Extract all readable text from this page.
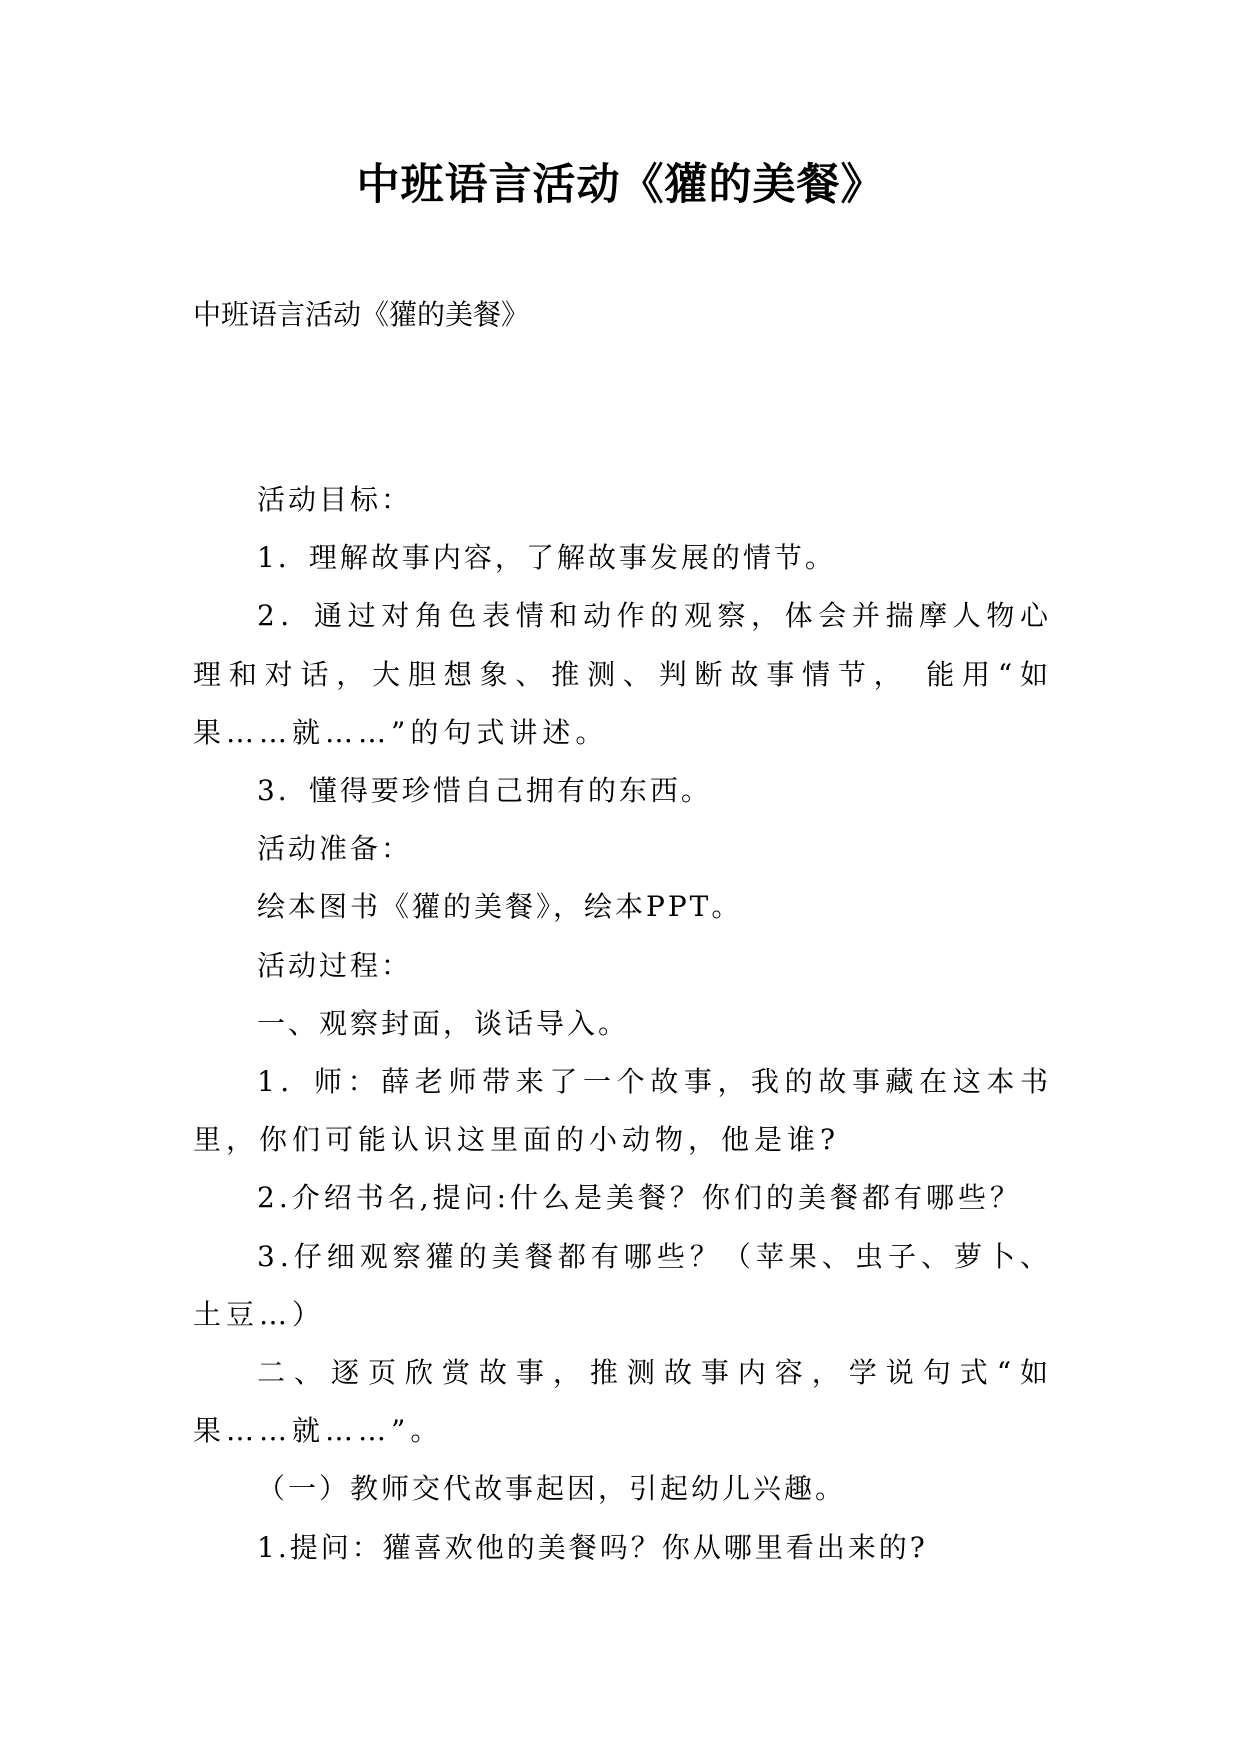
中班语言活动《獾的美餐》
中班语言活动《獾的美餐》

活动目标：

1．理解故事内容，了解故事发展的情节。

2．通过对角色表情和动作的观察，体会并揣摩人物心理和对话，大胆想象、推测、判断故事情节， 能用“如果……就……”的句式讲述。

3．懂得要珍惜自己拥有的东西。

活动准备：

绘本图书《獾的美餐》，绘本PPT。

活动过程：

一、观察封面，谈话导入。

1．师：薛老师带来了一个故事，我的故事藏在这本书里，你们可能认识这里面的小动物，他是谁?

2.介绍书名,提问:什么是美餐？你们的美餐都有哪些？

3.仔细观察獾的美餐都有哪些？（苹果、虫子、萝卜、土豆…）

二、逐页欣赏故事，推测故事内容，学说句式“如果……就……”。

（一）教师交代故事起因，引起幼儿兴趣。

1.提问：獾喜欢他的美餐吗？你从哪里看出来的?
